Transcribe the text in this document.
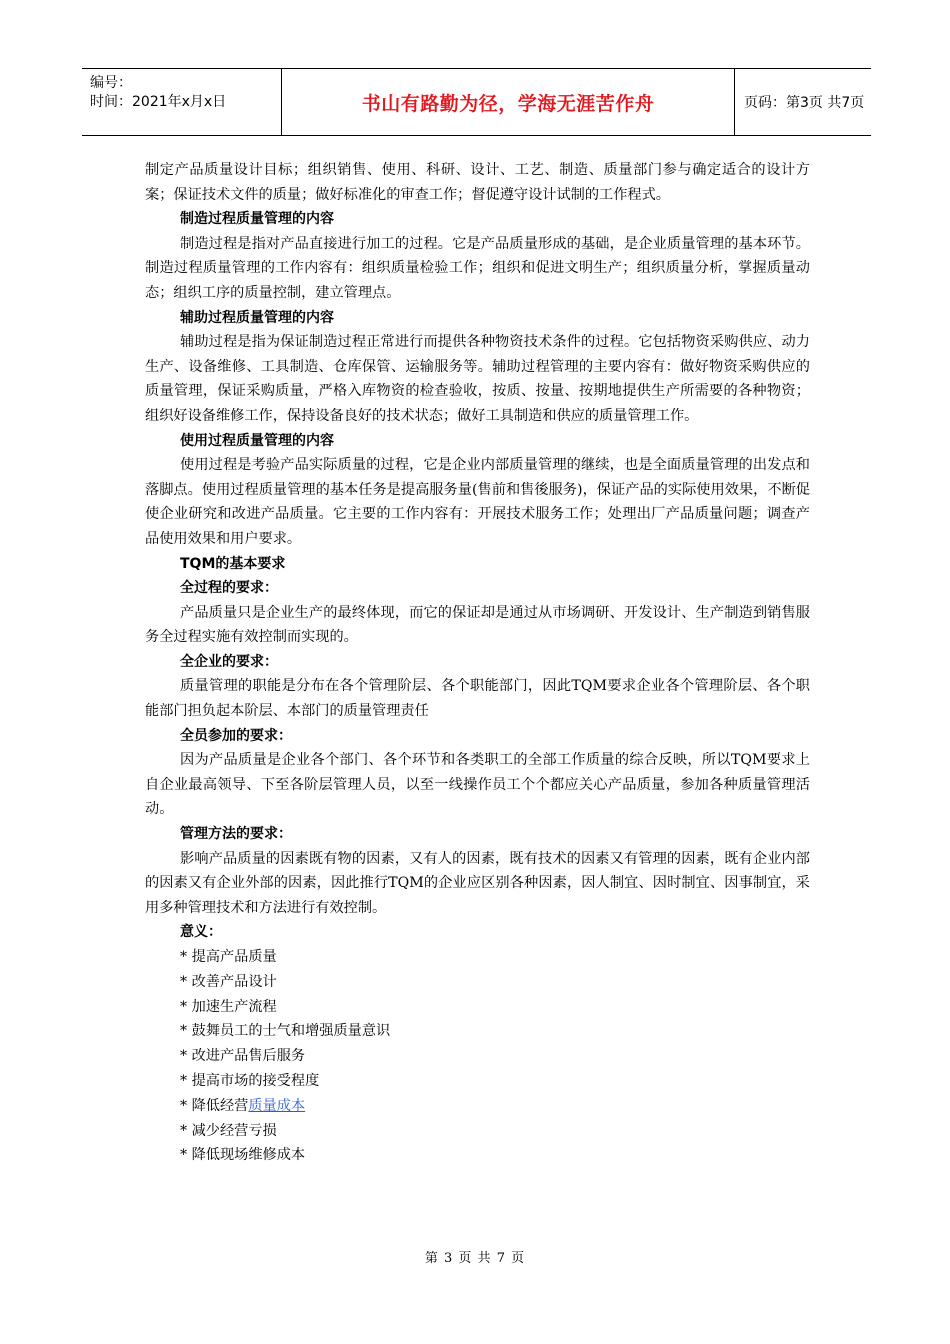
编号：
时间：2021年x月x日	书山有路勤为径，学海无涯苦作舟	页码：第3页 共7页

制定产品质量设计目标；组织销售、使用、科研、设计、工艺、制造、质量部门参与确定适合的设计方案；保证技术文件的质量；做好标准化的审查工作；督促遵守设计试制的工作程式。

制造过程质量管理的内容

制造过程是指对产品直接进行加工的过程。它是产品质量形成的基础，是企业质量管理的基本环节。制造过程质量管理的工作内容有：组织质量检验工作；组织和促进文明生产；组织质量分析，掌握质量动态；组织工序的质量控制，建立管理点。

辅助过程质量管理的内容

辅助过程是指为保证制造过程正常进行而提供各种物资技术条件的过程。它包括物资采购供应、动力生产、设备维修、工具制造、仓库保管、运输服务等。辅助过程管理的主要内容有：做好物资采购供应的质量管理，保证采购质量，严格入库物资的检查验收，按质、按量、按期地提供生产所需要的各种物资；组织好设备维修工作，保持设备良好的技术状态；做好工具制造和供应的质量管理工作。

使用过程质量管理的内容

使用过程是考验产品实际质量的过程，它是企业内部质量管理的继续，也是全面质量管理的出发点和落脚点。使用过程质量管理的基本任务是提高服务量(售前和售後服务)，保证产品的实际使用效果，不断促使企业研究和改进产品质量。它主要的工作内容有：开展技术服务工作；处理出厂产品质量问题；调查产品使用效果和用户要求。

TQM的基本要求

全过程的要求：

产品质量只是企业生产的最终体现，而它的保证却是通过从市场调研、开发设计、生产制造到销售服务全过程实施有效控制而实现的。

全企业的要求：

质量管理的职能是分布在各个管理阶层、各个职能部门，因此TQM要求企业各个管理阶层、各个职能部门担负起本阶层、本部门的质量管理责任

全员参加的要求：

因为产品质量是企业各个部门、各个环节和各类职工的全部工作质量的综合反映，所以TQM要求上自企业最高领导、下至各阶层管理人员，以至一线操作员工个个都应关心产品质量，参加各种质量管理活动。

管理方法的要求：

影响产品质量的因素既有物的因素，又有人的因素，既有技术的因素又有管理的因素，既有企业内部的因素又有企业外部的因素，因此推行TQM的企业应区别各种因素，因人制宜、因时制宜、因事制宜，采用多种管理技术和方法进行有效控制。

意义：

* 提高产品质量

* 改善产品设计

* 加速生产流程

* 鼓舞员工的士气和增强质量意识

* 改进产品售后服务

* 提高市场的接受程度

* 降低经营质量成本

* 减少经营亏损

* 降低现场维修成本

第 3 页 共 7 页
